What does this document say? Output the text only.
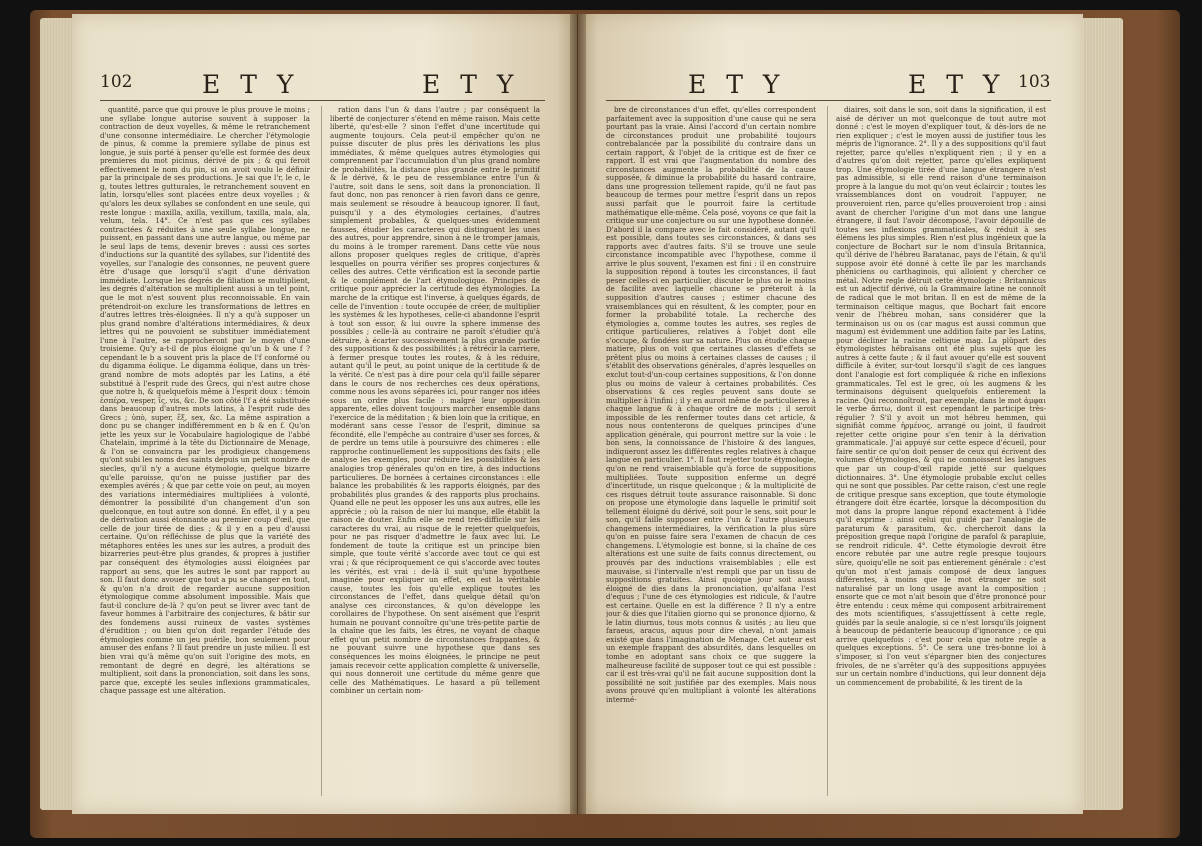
102	E T Y	E T Y

quantité, parce que qui prouve le plus prouve le moins ; une syllabe longue autorise souvent à supposer la contraction de deux voyelles, & même le retranchement d'une consonne intermédiaire. Le chercher l'étymologie de pinus, & comme la premiere syllabe de pinus est longue, je suis porté à penser qu'elle est formée des deux premieres du mot picinus, dérivé de pix ; & qui feroit effectivement le nom du pin, si on avoit voulu le définir par la principale de ses productions. Je sai que l'r, le c, le g, toutes lettres gutturales, le retranchement souvent en latin, lorsqu'elles sont placées entre deux voyelles ; & qu'alors les deux syllabes se confondent en une seule, qui reste longue : maxilla, axilla, vexillum, taxilla, mala, ala, velum, tela. 14°. Ce n'est pas que ces syllabes contractées & réduites à une seule syllabe longue, ne puissent, en passant dans une autre langue, ou même par le seul laps de tems, devenir breves : aussi ces sortes d'inductions sur la quantité des syllabes, sur l'identité des voyelles, sur l'analogie des consonnes, ne peuvent guere être d'usage que lorsqu'il s'agit d'une dérivation immédiate. Lorsque les degrés de filiation se multiplient, les degrés d'altération se multiplient aussi à un tel point, que le mot n'est souvent plus reconnoissable. En vain prétendroit-on exclure les transformations de lettres en d'autres lettres très-éloignées. Il n'y a qu'à supposer un plus grand nombre d'altérations intermédiaires, & deux lettres qui ne pouvoient se substituer immédiatement l'une à l'autre, se rapprocheront par le moyen d'une troisieme. Qu'y a-t-il de plus éloigné qu'un b & une f ? cependant le b a souvent pris la place de l'f conformé ou du digamma éolique. Le digamma éolique, dans un très-grand nombre de mots adoptés par les Latins, a été substitué à l'esprit rude des Grecs, qui n'est autre chose que notre h, & quelquefois même à l'esprit doux : témoin ἑσπέρα, vesper, ἴς, vis, &c. De son côté l'f a été substituée dans beaucoup d'autres mots latins, à l'esprit rude des Grecs ; ὑπὸ, super, ἓξ, sex, &c. La même aspiration a donc pu se changer indifféremment en b & en f. Qu'on jette les yeux sur le Vocabulaire hagiologique de l'abbé Chatelain, imprimé à la tête du Dictionnaire de Menage, & l'on se convaincra par les prodigieux changemens qu'ont subi les noms des saints depuis un petit nombre de siecles, qu'il n'y a aucune étymologie, quelque bizarre qu'elle paroisse, qu'on ne puisse justifier par des exemples avérés ; & que par cette voie on peut, au moyen des variations intermédiaires multipliées à volonté, démontrer la possibilité d'un changement d'un son quelconque, en tout autre son donné. En effet, il y a peu de dérivation aussi étonnante au premier coup d'œil, que celle de jour tirée de dies ; & il y en a peu d'aussi certaine. Qu'on réfléchisse de plus que la variété des métaphores entées les unes sur les autres, a produit des bizarreries peut-être plus grandes, & propres à justifier par conséquent des étymologies aussi éloignées par rapport au sens, que les autres le sont par rapport au son. Il faut donc avouer que tout a pu se changer en tout, & qu'on n'a droit de regarder aucune supposition étymologique comme absolument impossible. Mais que faut-il conclure de-là ? qu'on peut se livrer avec tant de faveur hommes à l'arbitraire des conjectures, & bâtir sur des fondemens aussi ruineux de vastes systèmes d'érudition ; ou bien qu'on doit regarder l'étude des étymologies comme un jeu puérile, bon seulement pour amuser des enfans ? Il faut prendre un juste milieu. Il est bien vrai qu'à même qu'on suit l'origine des mots, en remontant de degré en degré, les altérations se multiplient, soit dans la prononciation, soit dans les sons, parce que, excepté les seules inflexions grammaticales, chaque passage est une altération.

ration dans l'un & dans l'autre ; par conséquent la liberté de conjecturer s'étend en même raison. Mais cette liberté, qu'est-elle ? sinon l'effet d'une incertitude qui augmente toujours. Cela peut-il empêcher qu'on ne puisse discuter de plus près les dérivations les plus immédiates, & même quelques autres étymologies qui comprennent par l'accumulation d'un plus grand nombre de probabilités, la distance plus grande entre le primitif & le dérivé, & le peu de ressemblance entre l'un & l'autre, soit dans le sens, soit dans la prononciation. Il faut donc, non pas renoncer à rien favori dans ce genre, mais seulement se résoudre à beaucoup ignorer. Il faut, puisqu'il y a des étymologies certaines, d'autres simplement probables, & quelques-unes évidemment fausses, étudier les caracteres qui distinguent les unes des autres, pour apprendre, sinon à ne le tromper jamais, du moins à le tromper rarement. Dans cette vûe nous allons proposer quelques regles de critique, d'après lesquelles on pourra vérifier ses propres conjectures & celles des autres. Cette vérification est la seconde partie & le complément de l'art étymologique. Principes de critique pour apprécier la certitude des étymologies. La marche de la critique est l'inverse, à quelques égards, de celle de l'invention : toute occupée de créer, de multiplier les systèmes & les hypotheses, celle-ci abandonne l'esprit à tout son essor, & lui ouvre la sphere immense des possibles ; celle-là au contraire ne paroît s'étudier qu'à détruire, à écarter successivement la plus grande partie des suppositions & des possibilités ; à rétrécir la carriere, à fermer presque toutes les routes, & à les réduire, autant qu'il le peut, au point unique de la certitude & de la vérité. Ce n'est pas à dire pour cela qu'il faille séparer dans le cours de nos recherches ces deux opérations, comme nous les avons séparées ici, pour ranger nos idées sous un ordre plus facile : malgré leur opposition apparente, elles doivent toujours marcher ensemble dans l'exercice de la méditation ; & bien loin que la critique, en modérant sans cesse l'essor de l'esprit, diminue sa fécondité, elle l'empêche au contraire d'user ses forces, & de perdre un tems utile à poursuivre des chimeres : elle rapproche continuellement les suppositions des faits ; elle analyse les exemples, pour réduire les possibilités & les analogies trop générales qu'on en tire, à des inductions particulieres. De bornées à certaines circonstances : elle balance les probabilités & les rapports éloignés, par des probabilités plus grandes & des rapports plus prochains. Quand elle ne peut les opposer les uns aux autres, elle les apprécie ; où la raison de nier lui manque, elle établit la raison de douter. Enfin elle se rend très-difficile sur les caracteres du vrai, au risque de le rejetter quelquefois, pour ne pas risquer d'admettre le faux avec lui. Le fondement de toute la critique est un principe bien simple, que toute vérité s'accorde avec tout ce qui est vrai ; & que réciproquement ce qui s'accorde avec toutes les vérités, est vrai : de-là il suit qu'une hypothese imaginée pour expliquer un effet, en est la véritable cause, toutes les fois qu'elle explique toutes les circonstances de l'effet, dans quelque détail qu'on analyse ces circonstances, & qu'on développe les corollaires de l'hypothese. On sent aisément que l'esprit humain ne pouvant connoître qu'une très-petite partie de la chaîne que les faits, les êtres, ne voyant de chaque effet qu'un petit nombre de circonstances frappantes, & ne pouvant suivre une hypothese que dans ses conséquences les moins éloignées, le principe ne peut jamais recevoir cette application complette & universelle, qui nous donneroit une certitude du même genre que celle des Mathématiques. Le hasard a pû tellement combiner un certain nom-

E T Y	E T Y 103

bre de circonstances d'un effet, qu'elles correspondent parfaitement avec la supposition d'une cause qui ne sera pourtant pas la vraie. Ainsi l'accord d'un certain nombre de circonstances produit une probabilité toujours contrebalancée par la possibilité du contraire dans un certain rapport, & l'objet de la critique est de fixer ce rapport. Il est vrai que l'augmentation du nombre des circonstances augmente la probabilité de la cause supposée, & diminue la probabilité du hasard contraire, dans une progression tellement rapide, qu'il ne faut pas beaucoup de termes pour mettre l'esprit dans un repos aussi parfait que le pourroit faire la certitude mathématique elle-même. Cela posé, voyons ce que fait la critique sur une conjecture ou sur une hypothese donnée. D'abord il la compare avec le fait considéré, autant qu'il est possible, dans toutes ses circonstances, & dans ses rapports avec d'autres faits. S'il se trouve une seule circonstance incompatible avec l'hypothese, comme il arrive le plus souvent, l'examen est fini : il en construire la supposition répond à toutes les circonstances, il faut peser celles-ci en particulier, discuter le plus ou le moins de facilité avec laquelle chacune se préteroit à la supposition d'autres causes ; estimer chacune des vraisemblances qui en résultent, & les compter, pour en former la probabilité totale. La recherche des étymologies a, comme toutes les autres, ses regles de critique particulieres, relatives à l'objet dont elle s'occupe, & fondées sur sa nature. Plus on étudie chaque matiere, plus on voit que certaines classes d'effets se prêtent plus ou moins à certaines classes de causes ; il s'établit des observations générales, d'après lesquelles on exclut tout-d'un-coup certaines suppositions, & l'on donne plus ou moins de valeur à certaines probabilités. Ces observations & ces regles peuvent sans doute se multiplier à l'infini ; il y en auroit même de particulieres à chaque langue & à chaque ordre de mots ; il seroit impossible de les renfermer toutes dans cet article, & nous nous contenterons de quelques principes d'une application générale, qui pourront mettre sur la voie : le bon sens, la connoissance de l'histoire & des langues, indiqueront assez les différentes regles relatives à chaque langue en particulier. 1°. Il faut rejetter toute étymologie, qu'on ne rend vraisemblable qu'à force de suppositions multipliées. Toute supposition enferme un degré d'incertitude, un risque quelconque ; & la multiplicité de ces risques détruit toute assurance raisonnable. Si donc on propose une étymologie dans laquelle le primitif soit tellement éloigné du dérivé, soit pour le sens, soit pour le son, qu'il faille supposer entre l'un & l'autre plusieurs changemens intermédiaires, la vérification la plus sûre qu'on en puisse faire sera l'examen de chacun de ces changemens. L'étymologie est bonne, si la chaîne de ces altérations est une suite de faits connus directement, ou prouvés par des inductions vraisemblables ; elle est mauvaise, si l'intervalle n'est rempli que par un tissu de suppositions gratuites. Ainsi quoique jour soit aussi éloigné de dies dans la prononciation, qu'alfana l'est d'equus ; l'une de ces étymologies est ridicule, & l'autre est certaine. Quelle en est la différence ? Il n'y a entre jour & dies que l'italien giorno qui se prononce djiorno, & le latin diurnus, tous mots connus & usités ; au lieu que faraeus, aracus, aquus pour dire cheval, n'ont jamais existé que dans l'imagination de Menage. Cet auteur est un exemple frappant des absurdités, dans lesquelles on tombe en adoptant sans choix ce que suggere la malheureuse facilité de supposer tout ce qui est possible : car il est très-vrai qu'il ne fait aucune supposition dont la possibilité ne soit justifiée par des exemples. Mais nous avons prouvé qu'en multipliant à volonté les altérations intermé-

diaires, soit dans le son, soit dans la signification, il est aisé de dériver un mot quelconque de tout autre mot donné : c'est le moyen d'expliquer tout, & dès-lors de ne rien expliquer ; c'est le moyen aussi de justifier tous les mépris de l'ignorance. 2°. Il y a des suppositions qu'il faut rejetter, parce qu'elles n'expliquent rien ; il y en a d'autres qu'on doit rejetter, parce qu'elles expliquent trop. Une étymologie tirée d'une langue étrangere n'est pas admissible, si elle rend raison d'une terminaison propre à la langue du mot qu'on veut éclaircir ; toutes les vraissemblances dont on voudroit l'appuyer, ne prouveroient rien, parce qu'elles prouveroient trop : ainsi avant de chercher l'origine d'un mot dans une langue étrangere, il faut l'avoir décomposé, l'avoir dépouillé de toutes ses inflexions grammaticales, & réduit à ses élémens les plus simples. Rien n'est plus ingénieux que la conjecture de Bochart sur le nom d'insula Britannica, qu'il dérive de l'hébreu Baratanac, pays de l'étain, & qu'il suppose avoir été donné à cette île par les marchands phéniciens ou carthaginois, qui alloient y chercher ce métal. Notre regle détruit cette étymologie : Britannicus est un adjectif dérivé, où la Grammaire latine ne connoît de radical que le mot britan. Il en est de même de la terminaison celtique magus, que Bochart fait encore venir de l'hébreu mohan, sans considérer que la terminaison us ou os (car magus est aussi commun que magum) est évidemment une addition faite par les Latins, pour décliner la racine celtique mag. La plûpart des étymologistes hébraïsans ont été plus sujets que les autres à cette faute ; & il faut avouer qu'elle est souvent difficile à éviter, sur-tout lorsqu'il s'agit de ces langues dont l'analogie est fort compliquée & riche en inflexions grammaticales. Tel est le grec, où les augmens & les terminaisons déguisent quelquefois entierement la racine. Qui reconnoîtroit, par exemple, dans le mot ἀμφαι le verbe ἄπτω, dont il est cependant le participe très-régulier ? S'il y avoit un mot hébreu hemmen, qui signifiât comme ἡρμένος, arrangé ou joint, il faudroit rejetter cette origine pour s'en tenir à la dérivation grammaticale. J'ai appuyé sur cette espece d'écueil, pour faire sentir ce qu'on doit penser de ceux qui écrivent des volumes d'étymologies, & qui ne connoissent les langues que par un coup-d'œil rapide jetté sur quelques dictionnaires. 3°. Une étymologie probable exclut celles qui ne sont que possibles. Par cette raison, c'est une regle de critique presque sans exception, que toute étymologie étrangere doit être écartée, lorsque la décomposition du mot dans la propre langue répond exactement à l'idée qu'il exprime : ainsi celui qui guidé par l'analogie de paraturum & parasitum, &c. chercheroit dans la préposition greque παρὰ l'origine de parafol & parapluie, se rendroit ridicule. 4°. Cette étymologie devroit être encore rebutée par une autre regle presque toujours sûre, quoiqu'elle ne soit pas entierement générale : c'est qu'un mot n'est jamais composé de deux langues différentes, à moins que le mot étranger ne soit naturalisé par un long usage avant la composition ; ensorte que ce mot n'ait besoin que d'être prononcé pour être entendu : ceux même qui composent arbitrairement des mots scientifiques, s'assujettissent à cette regle, guidés par la seule analogie, si ce n'est lorsqu'ils joignent à beaucoup de pédanterie beaucoup d'ignorance ; ce qui arrive quelquefois : c'est pour cela que notre regle a quelques exceptions. 5°. Ce sera une très-bonne loi à s'imposer, si l'on veut s'épargner bien des conjectures frivoles, de ne s'arrêter qu'à des suppositions appuyées sur un certain nombre d'inductions, qui leur donnent déja un commencement de probabilité, & les tirent de la
